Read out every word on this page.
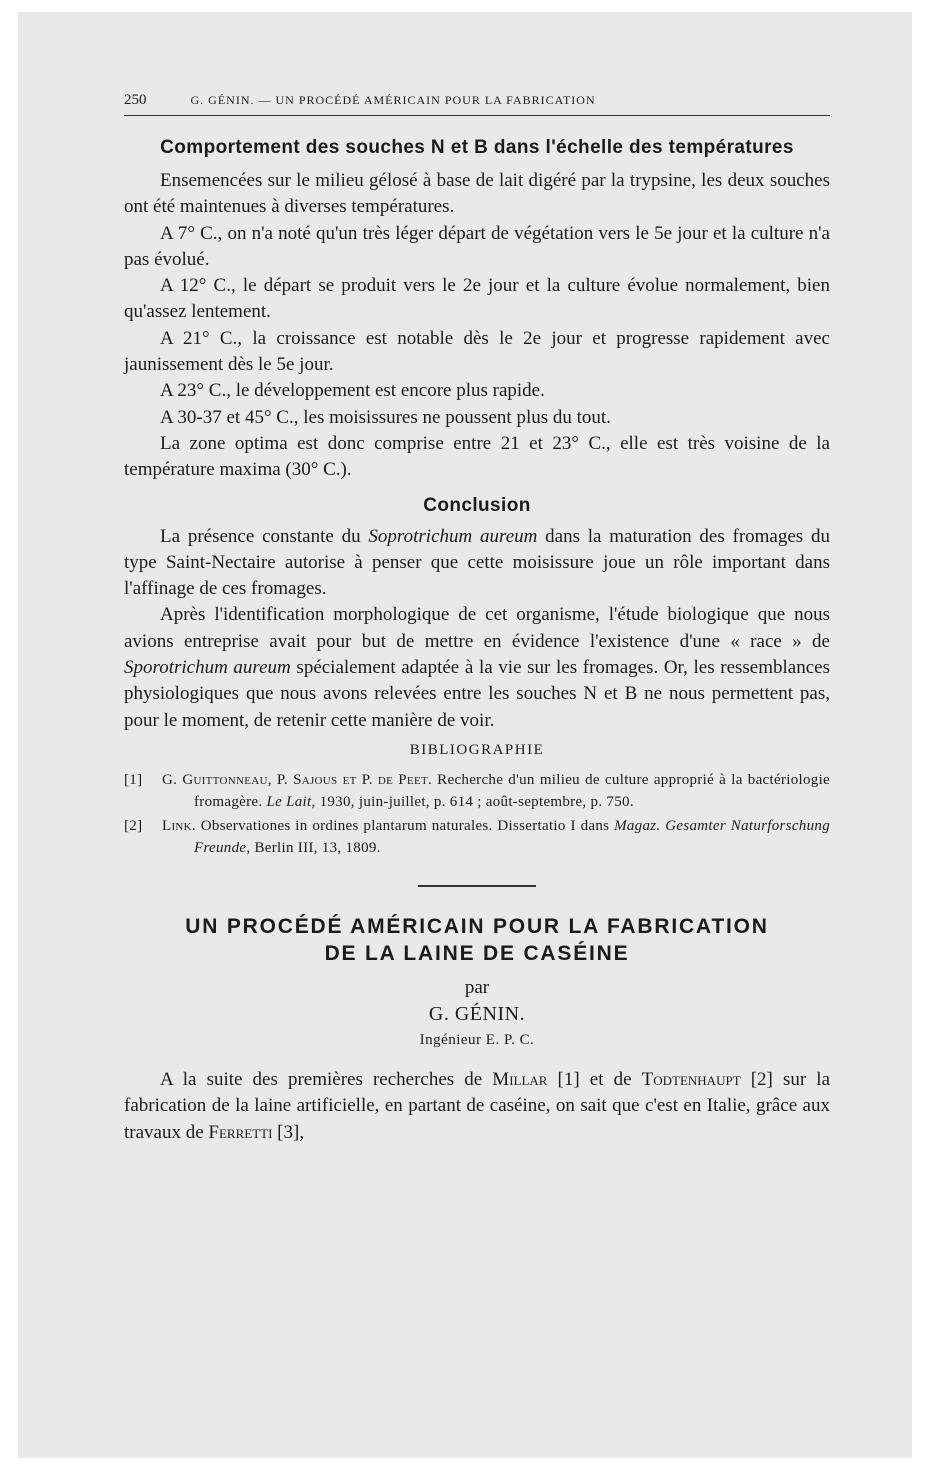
250	G. GÉNIN. — UN PROCÉDÉ AMÉRICAIN POUR LA FABRICATION
Comportement des souches N et B dans l'échelle des températures

Ensemencées sur le milieu gélosé à base de lait digéré par la trypsine, les deux souches ont été maintenues à diverses températures.

A 7° C., on n'a noté qu'un très léger départ de végétation vers le 5e jour et la culture n'a pas évolué.

A 12° C., le départ se produit vers le 2e jour et la culture évolue normalement, bien qu'assez lentement.

A 21° C., la croissance est notable dès le 2e jour et progresse rapidement avec jaunissement dès le 5e jour.

A 23° C., le développement est encore plus rapide.

A 30-37 et 45° C., les moisissures ne poussent plus du tout.

La zone optima est donc comprise entre 21 et 23° C., elle est très voisine de la température maxima (30° C.).

Conclusion

La présence constante du Soprotrichum aureum dans la maturation des fromages du type Saint-Nectaire autorise à penser que cette moisissure joue un rôle important dans l'affinage de ces fromages.

Après l'identification morphologique de cet organisme, l'étude biologique que nous avions entreprise avait pour but de mettre en évidence l'existence d'une « race » de Sporotrichum aureum spécialement adaptée à la vie sur les fromages. Or, les ressemblances physiologiques que nous avons relevées entre les souches N et B ne nous permettent pas, pour le moment, de retenir cette manière de voir.

BIBLIOGRAPHIE
[1] G. Guittonneau, P. Sajous et P. de Peet. Recherche d'un milieu de culture approprié à la bactériologie fromagère. Le Lait, 1930, juin-juillet, p. 614 ; août-septembre, p. 750.
[2] Link. Observationes in ordines plantarum naturales. Dissertatio I dans Magaz. Gesamter Naturforschung Freunde, Berlin III, 13, 1809.
UN PROCÉDÉ AMÉRICAIN POUR LA FABRICATION
DE LA LAINE DE CASÉINE
par
G. GÉNIN.
Ingénieur E. P. C.

A la suite des premières recherches de Millar [1] et de Todtenhaupt [2] sur la fabrication de la laine artificielle, en partant de caséine, on sait que c'est en Italie, grâce aux travaux de Ferretti [3],
